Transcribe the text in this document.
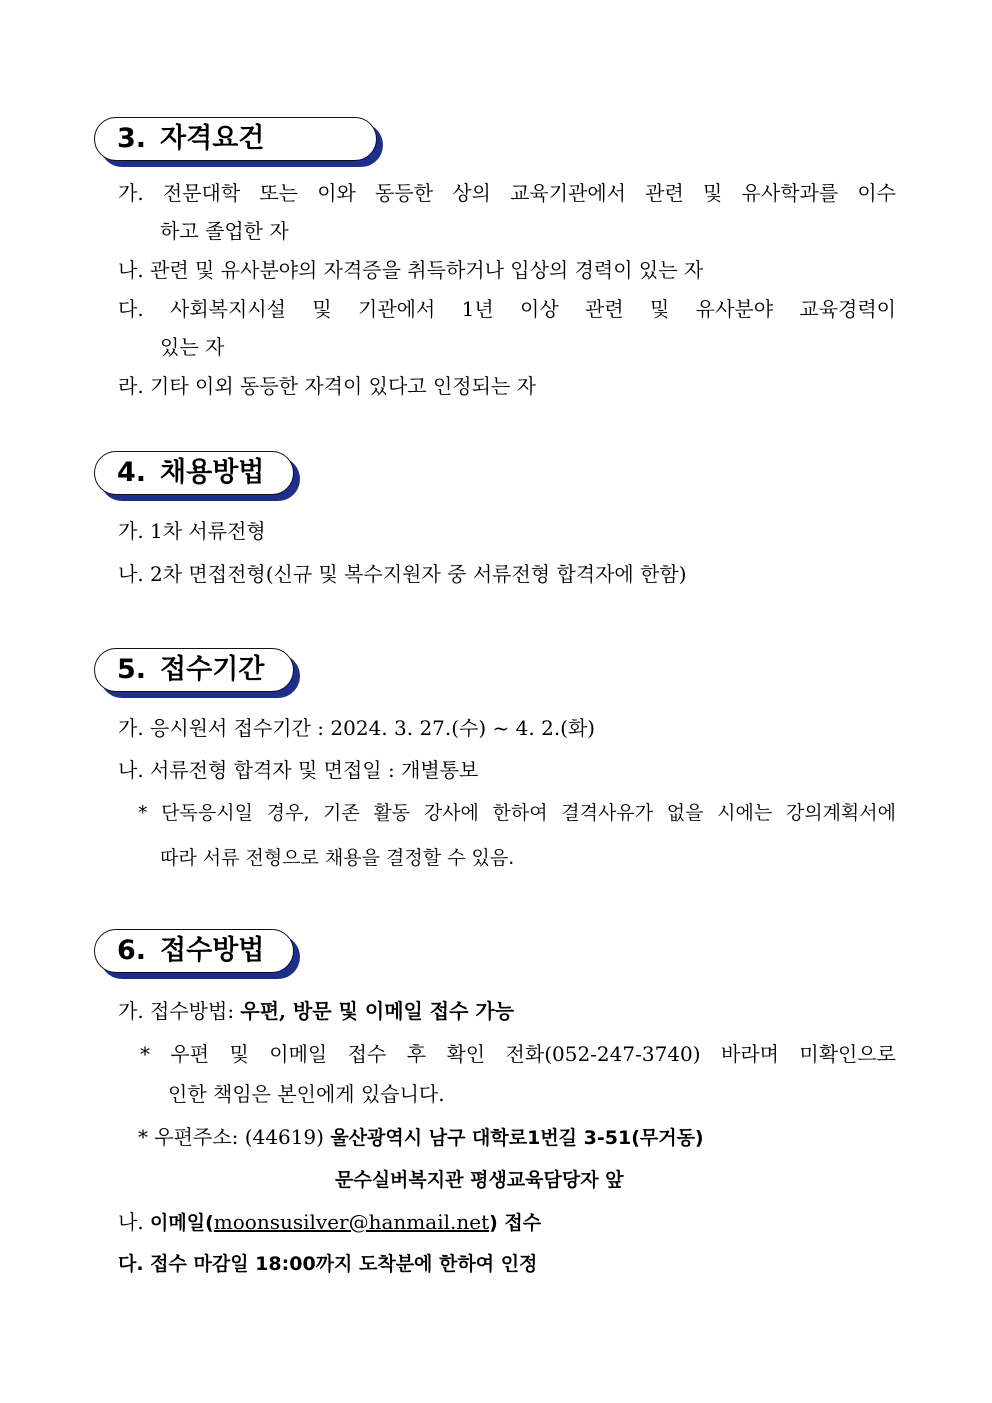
3. 자격요건
가. 전문대학 또는 이와 동등한 상의 교육기관에서 관련 및 유사학과를 이수
하고 졸업한 자
나. 관련 및 유사분야의 자격증을 취득하거나 입상의 경력이 있는 자
다. 사회복지시설 및 기관에서 1년 이상 관련 및 유사분야 교육경력이
있는 자
라. 기타 이외 동등한 자격이 있다고 인정되는 자
4. 채용방법
가. 1차 서류전형
나. 2차 면접전형(신규 및 복수지원자 중 서류전형 합격자에 한함)
5. 접수기간
가. 응시원서 접수기간 : 2024. 3. 27.(수) ~ 4. 2.(화)
나. 서류전형 합격자 및 면접일 : 개별통보
* 단독응시일 경우, 기존 활동 강사에 한하여 결격사유가 없을 시에는 강의계획서에
따라 서류 전형으로 채용을 결정할 수 있음.
6. 접수방법
가. 접수방법: 우편, 방문 및 이메일 접수 가능
* 우편 및 이메일 접수 후 확인 전화(052-247-3740) 바라며 미확인으로
인한 책임은 본인에게 있습니다.
* 우편주소: (44619) 울산광역시 남구 대학로1번길 3-51(무거동)
문수실버복지관 평생교육담당자 앞
나. 이메일(moonsusilver@hanmail.net) 접수
다. 접수 마감일 18:00까지 도착분에 한하여 인정
